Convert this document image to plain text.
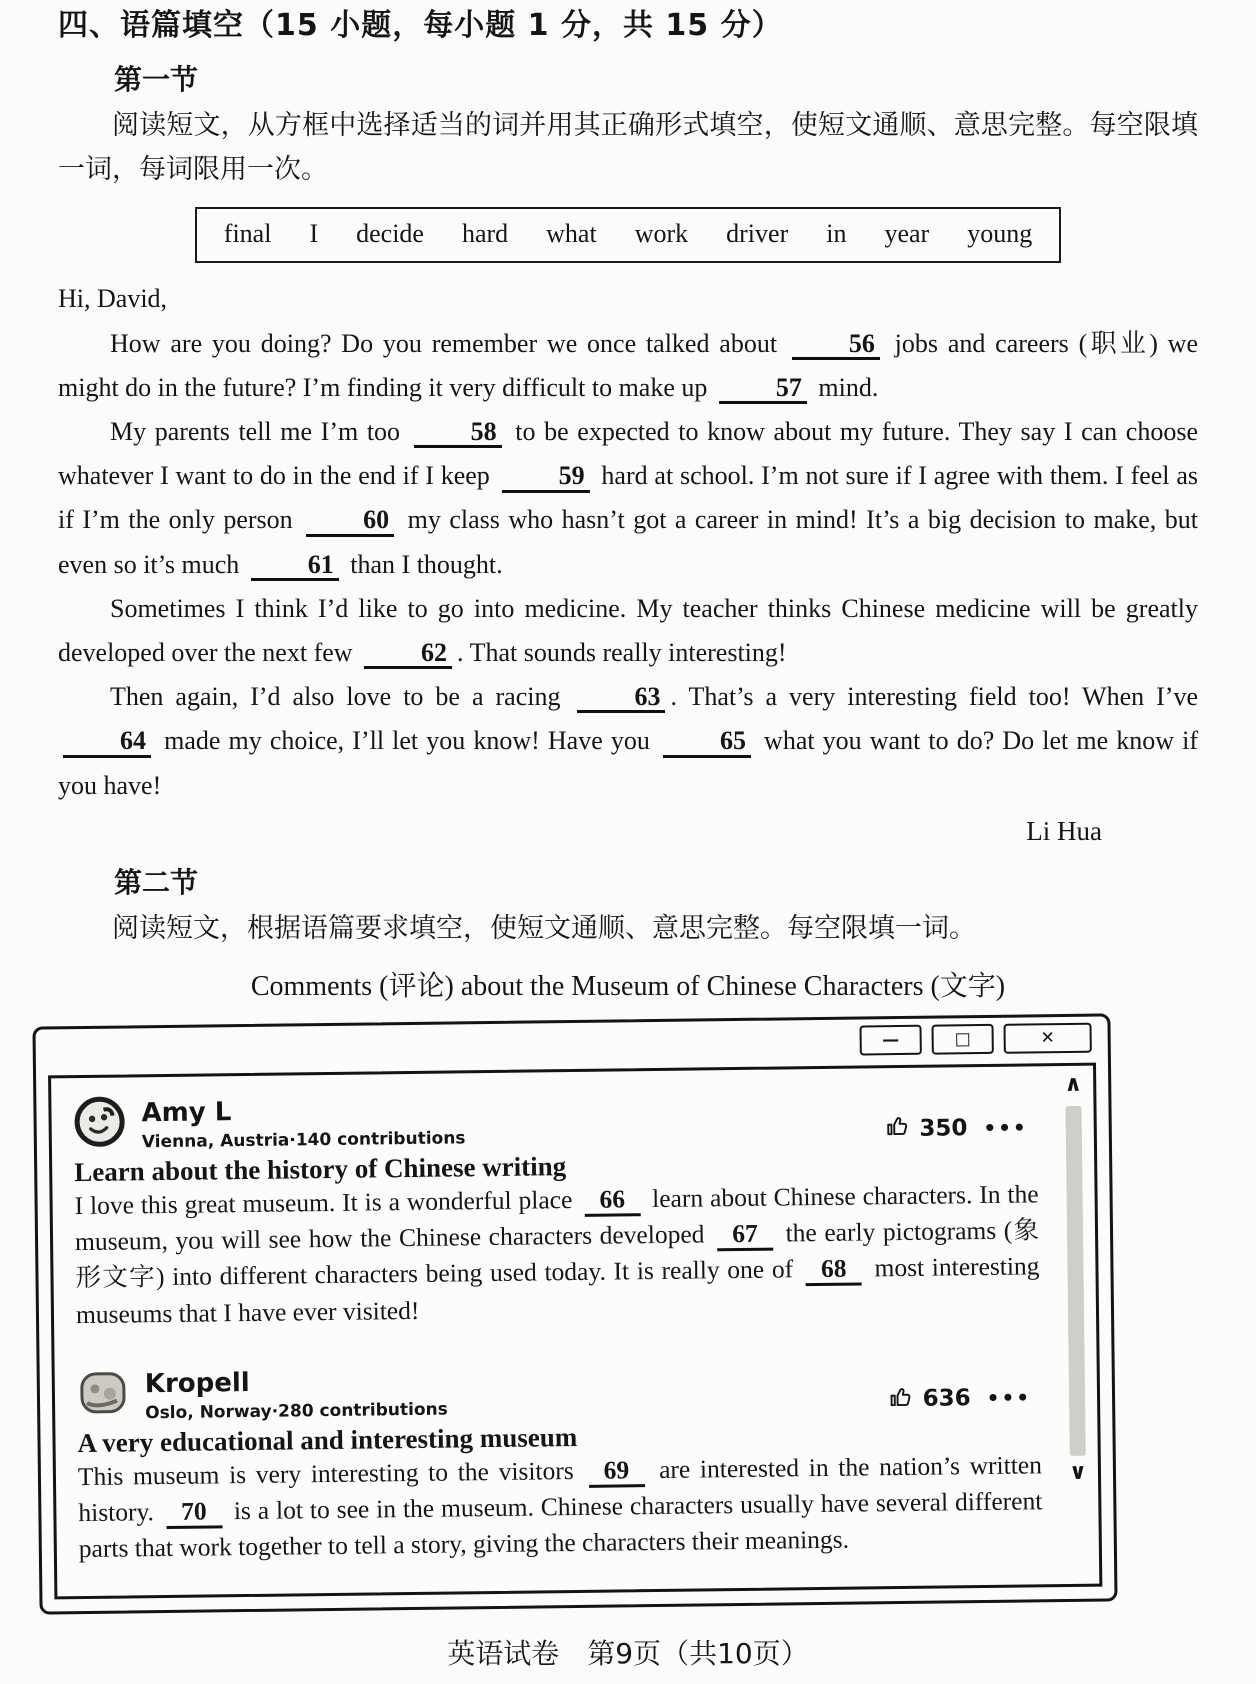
四、语篇填空（15 小题，每小题 1 分，共 15 分）
第一节

阅读短文，从方框中选择适当的词并用其正确形式填空，使短文通顺、意思完整。每空限填一词，每词限用一次。

final I decide hard what work driver in year young

Hi, David,

How are you doing? Do you remember we once talked about 56 jobs and careers (职业) we might do in the future? I’m finding it very difficult to make up 57 mind.

My parents tell me I’m too 58 to be expected to know about my future. They say I can choose whatever I want to do in the end if I keep 59 hard at school. I’m not sure if I agree with them. I feel as if I’m the only person 60 my class who hasn’t got a career in mind! It’s a big decision to make, but even so it’s much 61 than I thought.

Sometimes I think I’d like to go into medicine. My teacher thinks Chinese medicine will be greatly developed over the next few 62 . That sounds really interesting!

Then again, I’d also love to be a racing 63 . That’s a very interesting field too! When I’ve 64 made my choice, I’ll let you know! Have you 65 what you want to do? Do let me know if you have!

Li Hua

第二节

阅读短文，根据语篇要求填空，使短文通顺、意思完整。每空限填一词。

Comments (评论) about the Museum of Chinese Characters (文字)

—	□	✕
Amy L
Vienna, Austria·140 contributions	350 •••
Learn about the history of Chinese writing
I love this great museum. It is a wonderful place 66 learn about Chinese characters. In the museum, you will see how the Chinese characters developed 67 the early pictograms (象形文字) into different characters being used today. It is really one of 68 most interesting museums that I have ever visited!
Kropell
Oslo, Norway·280 contributions	636 •••
A very educational and interesting museum
This museum is very interesting to the visitors 69 are interested in the nation’s written history. 70 is a lot to see in the museum. Chinese characters usually have several different parts that work together to tell a story, giving the characters their meanings.
∧
∨

英语试卷　第9页（共10页）
